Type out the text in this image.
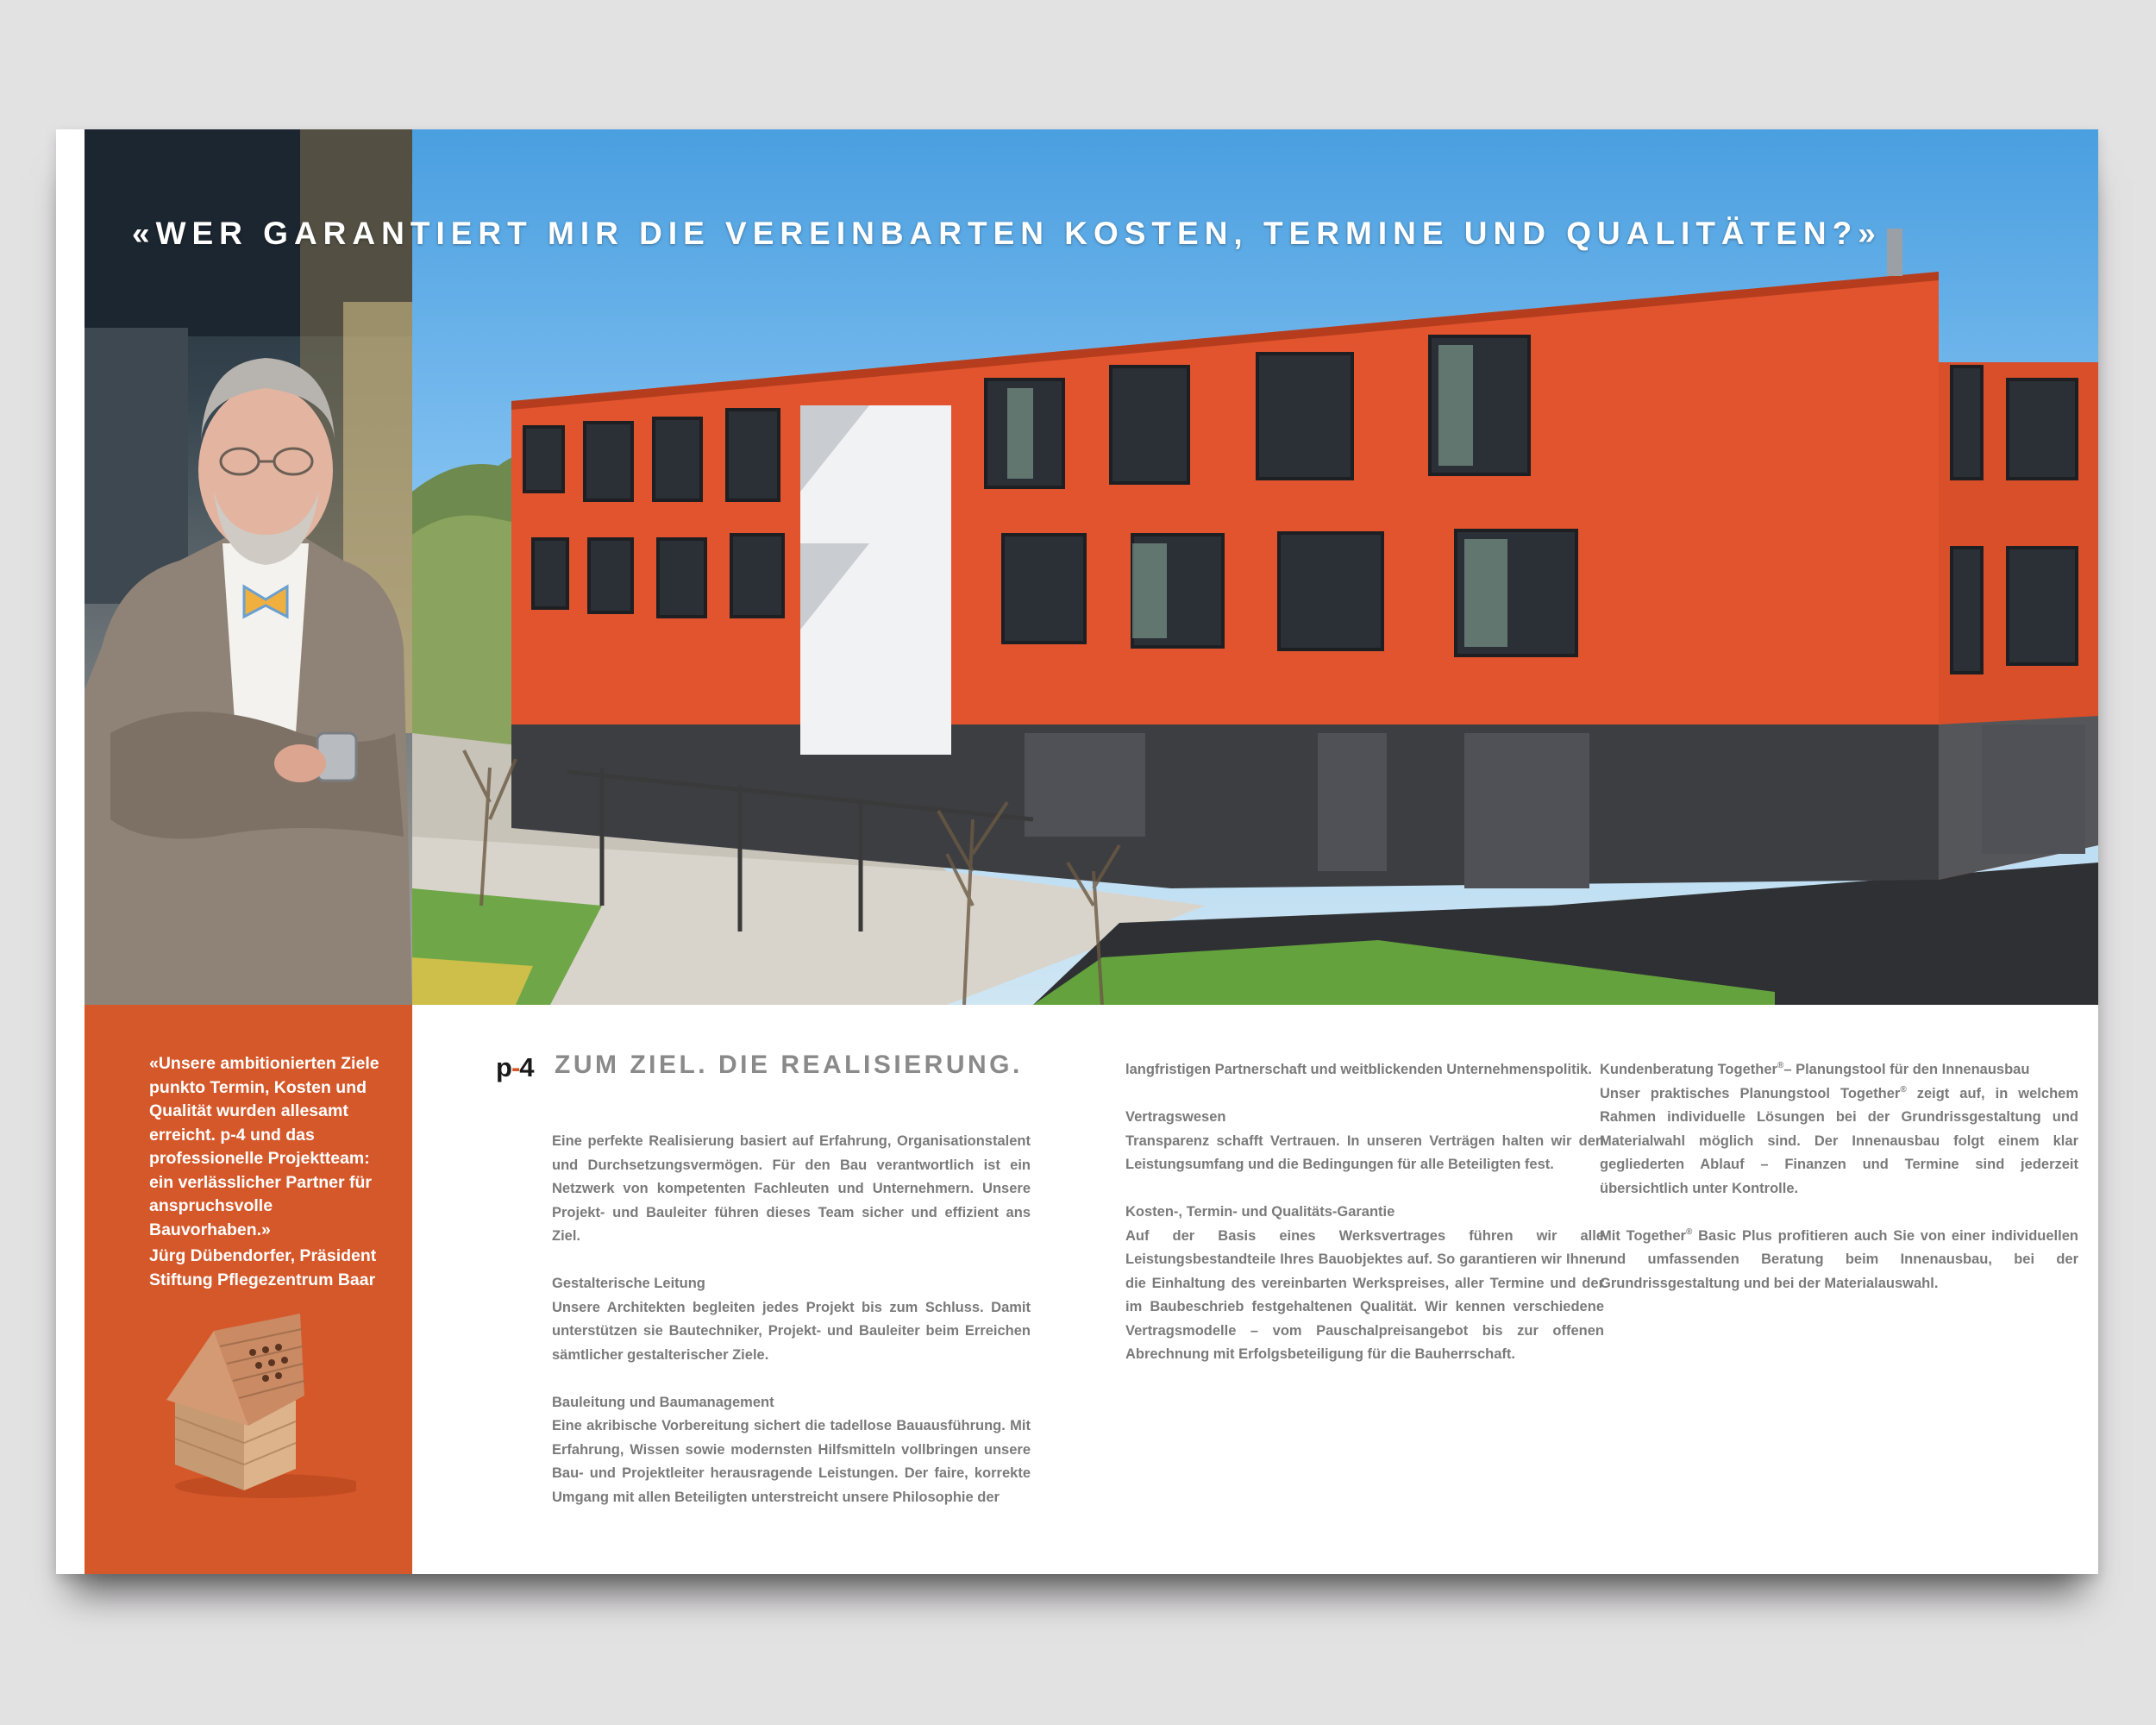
«WER GARANTIERT MIR DIE VEREINBARTEN KOSTEN, TERMINE UND QUALITÄTEN?»
«Unsere ambitionierten Ziele punkto Termin, Kosten und Qualität wurden allesamt erreicht. p-4 und das professionelle Projektteam: ein verlässlicher Partner für anspruchsvolle Bauvorhaben.»
Jürg Dübendorfer, Präsident
Stiftung Pflegezentrum Baar
p-4 ZUM ZIEL. DIE REALISIERUNG.

Eine perfekte Realisierung basiert auf Erfahrung, Organisationstalent und Durchsetzungsvermögen. Für den Bau verantwortlich ist ein Netzwerk von kompetenten Fachleuten und Unternehmern. Unsere Projekt- und Bauleiter führen dieses Team sicher und effizient ans Ziel.

Gestalterische Leitung
Unsere Architekten begleiten jedes Projekt bis zum Schluss. Damit unterstützen sie Bautechniker, Projekt- und Bauleiter beim Erreichen sämtlicher gestalterischer Ziele.

Bauleitung und Baumanagement
Eine akribische Vorbereitung sichert die tadellose Bauausführung. Mit Erfahrung, Wissen sowie modernsten Hilfsmitteln vollbringen unsere Bau- und Projektleiter herausragende Leistungen. Der faire, korrekte Umgang mit allen Beteiligten unterstreicht unsere Philosophie der

langfristigen Partnerschaft und weitblickenden Unternehmenspolitik.

Vertragswesen
Transparenz schafft Vertrauen. In unseren Verträgen halten wir den Leistungsumfang und die Bedingungen für alle Beteiligten fest.

Kosten-, Termin- und Qualitäts-Garantie
Auf der Basis eines Werksvertrages führen wir alle Leistungsbestandteile Ihres Bauobjektes auf. So garantieren wir Ihnen die Einhaltung des vereinbarten Werkspreises, aller Termine und der im Baubeschrieb festgehaltenen Qualität. Wir kennen verschiedene Vertragsmodelle – vom Pauschalpreisangebot bis zur offenen Abrechnung mit Erfolgsbeteiligung für die Bauherrschaft.

Kundenberatung Together®– Planungstool für den Innenausbau
Unser praktisches Planungstool Together® zeigt auf, in welchem Rahmen individuelle Lösungen bei der Grundrissgestaltung und Materialwahl möglich sind. Der Innenausbau folgt einem klar gegliederten Ablauf – Finanzen und Termine sind jederzeit übersichtlich unter Kontrolle.

Mit Together® Basic Plus profitieren auch Sie von einer individuellen und umfassenden Beratung beim Innenausbau, bei der Grundrissgestaltung und bei der Materialauswahl.
